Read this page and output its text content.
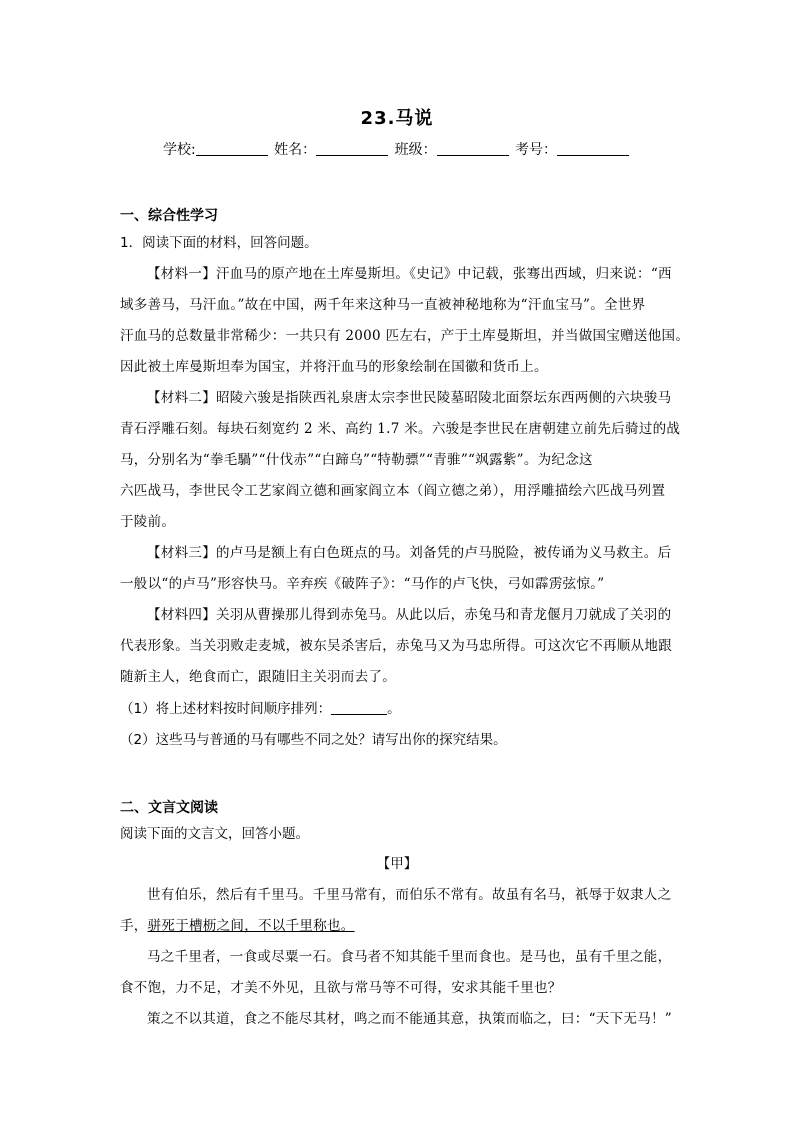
23.马说
学校:	姓名：	班级：	考号：
一、综合性学习
1．阅读下面的材料，回答问题。
【材料一】汗血马的原产地在土库曼斯坦。《史记》中记载，张骞出西域，归来说：“西
域多善马，马汗血。”故在中国，两千年来这种马一直被神秘地称为“汗血宝马”。全世界
汗血马的总数量非常稀少：一共只有 2000 匹左右，产于土库曼斯坦，并当做国宝赠送他国。
因此被土库曼斯坦奉为国宝，并将汗血马的形象绘制在国徽和货币上。
【材料二】昭陵六骏是指陕西礼泉唐太宗李世民陵墓昭陵北面祭坛东西两侧的六块骏马
青石浮雕石刻。每块石刻宽约 2 米、高约 1.7 米。六骏是李世民在唐朝建立前先后骑过的战
马，分别名为“拳毛騧”“什伐赤”“白蹄乌”“特勒骠”“青骓”“飒露紫”。为纪念这
六匹战马，李世民令工艺家阎立德和画家阎立本（阎立德之弟），用浮雕描绘六匹战马列置
于陵前。
【材料三】的卢马是额上有白色斑点的马。刘备凭的卢马脱险，被传诵为义马救主。后
一般以“的卢马”形容快马。辛弃疾《破阵子》：“马作的卢飞快，弓如霹雳弦惊。”
【材料四】关羽从曹操那儿得到赤兔马。从此以后，赤兔马和青龙偃月刀就成了关羽的
代表形象。当关羽败走麦城，被东吴杀害后，赤兔马又为马忠所得。可这次它不再顺从地跟
随新主人，绝食而亡，跟随旧主关羽而去了。
（1）将上述材料按时间顺序排列：	。
（2）这些马与普通的马有哪些不同之处？请写出你的探究结果。
二、文言文阅读
阅读下面的文言文，回答小题。
【甲】
世有伯乐，然后有千里马。千里马常有，而伯乐不常有。故虽有名马，祇辱于奴隶人之
手，骈死于槽枥之间，不以千里称也。
马之千里者，一食或尽粟一石。食马者不知其能千里而食也。是马也，虽有千里之能，
食不饱，力不足，才美不外见，且欲与常马等不可得，安求其能千里也？
策之不以其道，食之不能尽其材，鸣之而不能通其意，执策而临之，曰：“天下无马！”
